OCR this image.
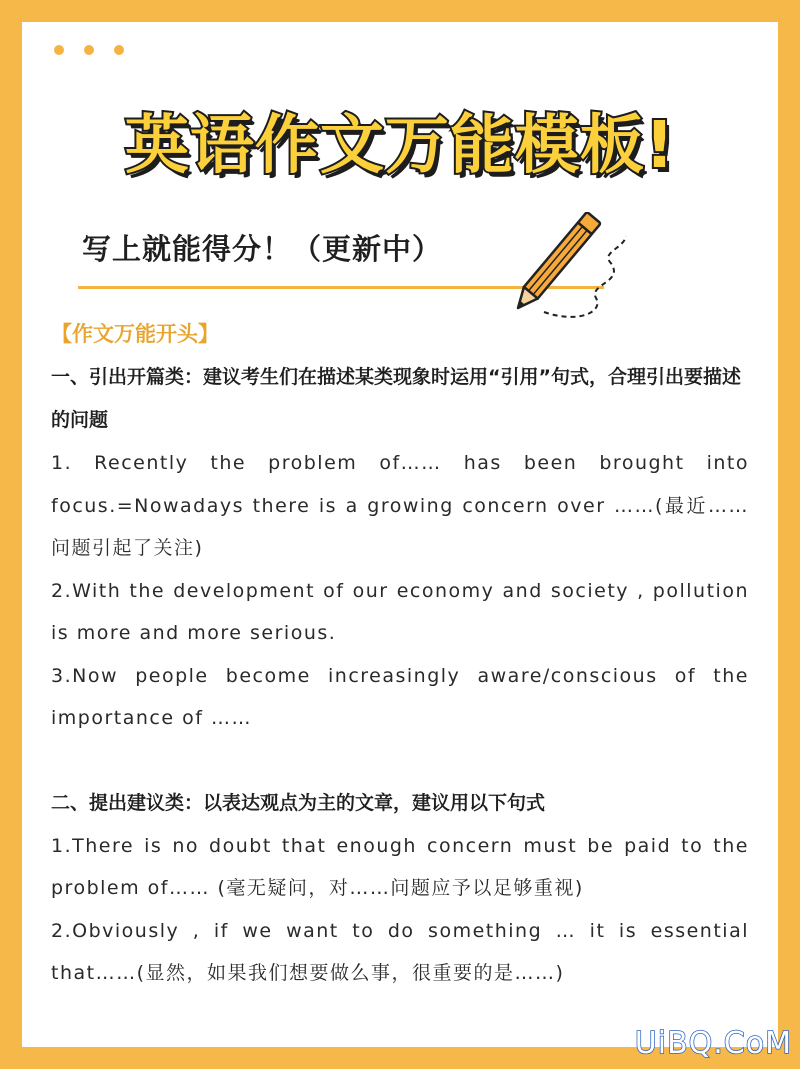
英语作文万能模板!
写上就能得分！（更新中）
【作文万能开头】
一、引出开篇类：建议考生们在描述某类现象时运用“引用”句式，合理引出要描述的问题
1. Recently the problem of…… has been brought into focus.=Nowadays there is a growing concern over ……(最近……问题引起了关注)
2.With the development of our economy and society , pollution is more and more serious.
3.Now people become increasingly aware/conscious of the importance of ……
二、提出建议类：以表达观点为主的文章，建议用以下句式
1.There is no doubt that enough concern must be paid to the problem of…… (毫无疑问，对……问题应予以足够重视)
2.Obviously , if we want to do something … it is essential that……(显然，如果我们想要做么事，很重要的是……)
UiBQ.CoM
